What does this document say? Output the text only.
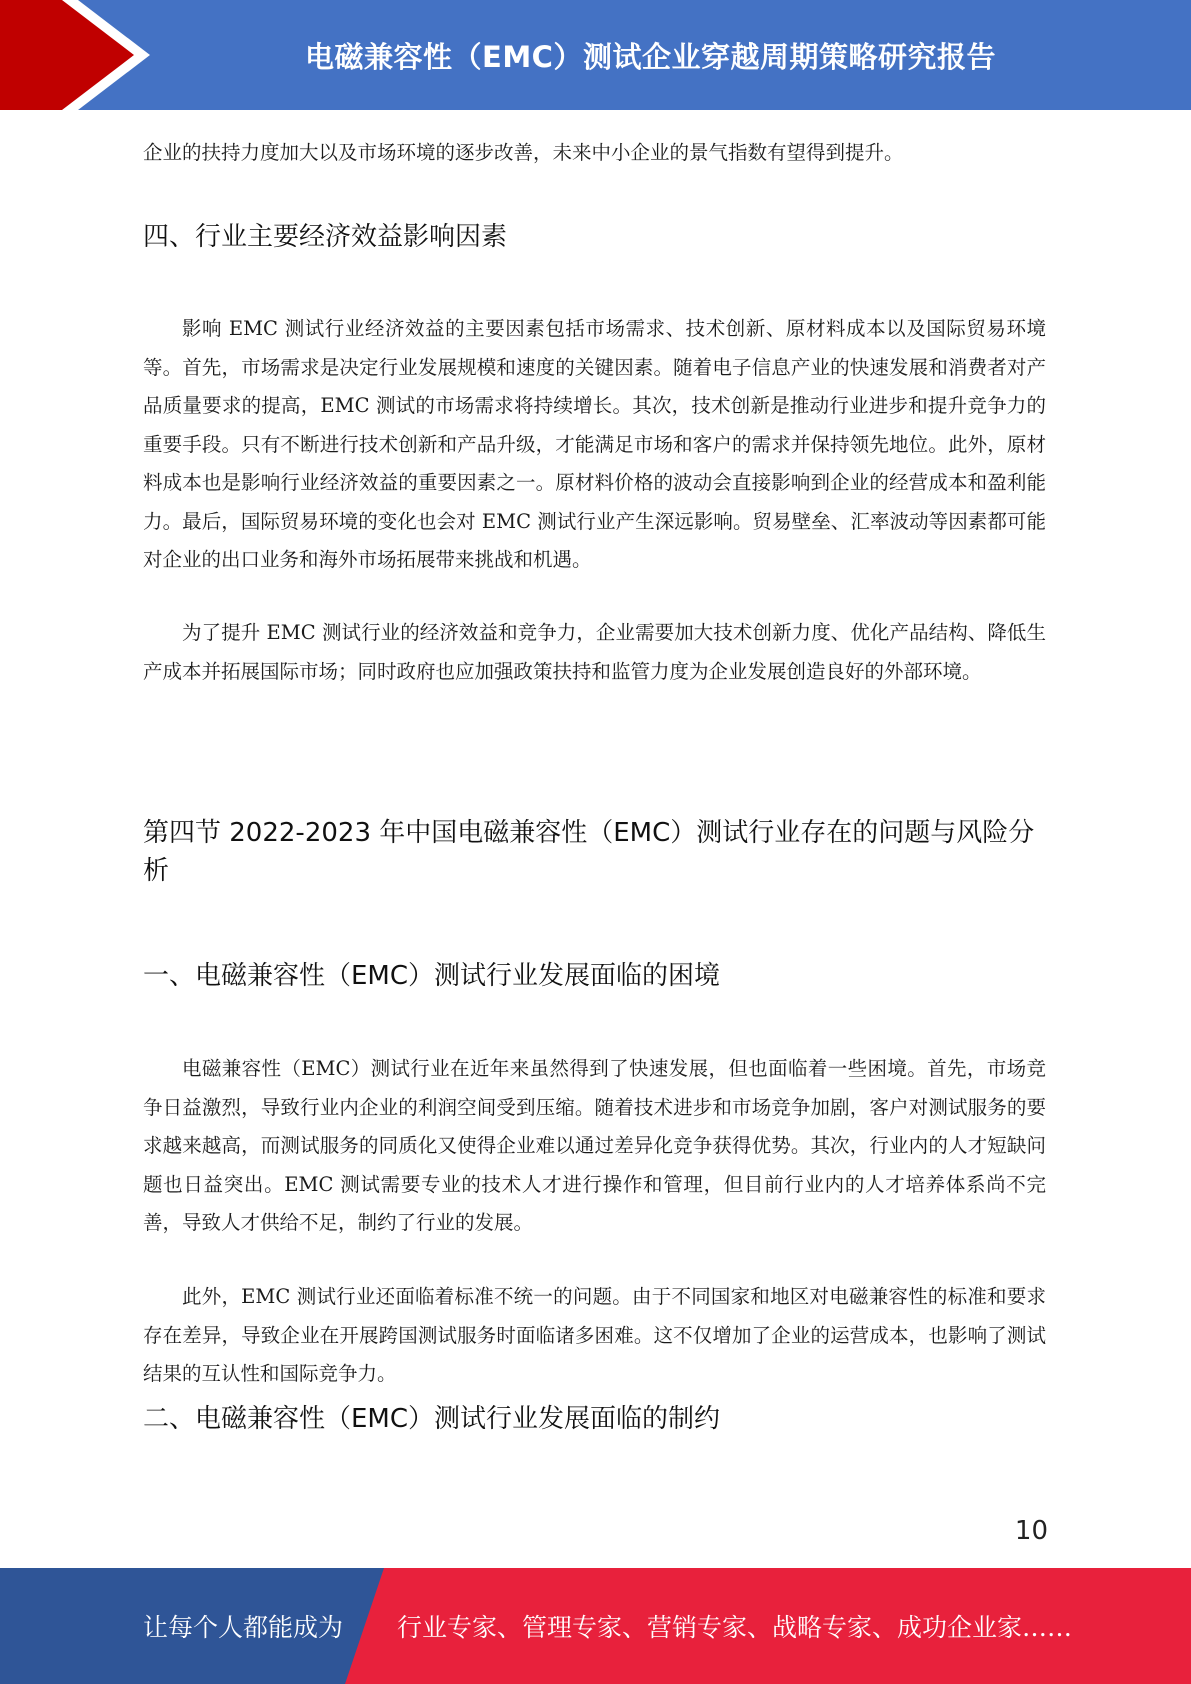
电磁兼容性（EMC）测试企业穿越周期策略研究报告

企业的扶持力度加大以及市场环境的逐步改善，未来中小企业的景气指数有望得到提升。

四、行业主要经济效益影响因素

影响 EMC 测试行业经济效益的主要因素包括市场需求、技术创新、原材料成本以及国际贸易环境等。首先，市场需求是决定行业发展规模和速度的关键因素。随着电子信息产业的快速发展和消费者对产品质量要求的提高，EMC 测试的市场需求将持续增长。其次，技术创新是推动行业进步和提升竞争力的重要手段。只有不断进行技术创新和产品升级，才能满足市场和客户的需求并保持领先地位。此外，原材料成本也是影响行业经济效益的重要因素之一。原材料价格的波动会直接影响到企业的经营成本和盈利能力。最后，国际贸易环境的变化也会对 EMC 测试行业产生深远影响。贸易壁垒、汇率波动等因素都可能对企业的出口业务和海外市场拓展带来挑战和机遇。

为了提升 EMC 测试行业的经济效益和竞争力，企业需要加大技术创新力度、优化产品结构、降低生产成本并拓展国际市场；同时政府也应加强政策扶持和监管力度为企业发展创造良好的外部环境。

第四节 2022-2023 年中国电磁兼容性（EMC）测试行业存在的问题与风险分析
一、电磁兼容性（EMC）测试行业发展面临的困境

电磁兼容性（EMC）测试行业在近年来虽然得到了快速发展，但也面临着一些困境。首先，市场竞争日益激烈，导致行业内企业的利润空间受到压缩。随着技术进步和市场竞争加剧，客户对测试服务的要求越来越高，而测试服务的同质化又使得企业难以通过差异化竞争获得优势。其次，行业内的人才短缺问题也日益突出。EMC 测试需要专业的技术人才进行操作和管理，但目前行业内的人才培养体系尚不完善，导致人才供给不足，制约了行业的发展。

此外，EMC 测试行业还面临着标准不统一的问题。由于不同国家和地区对电磁兼容性的标准和要求存在差异，导致企业在开展跨国测试服务时面临诸多困难。这不仅增加了企业的运营成本，也影响了测试结果的互认性和国际竞争力。

二、电磁兼容性（EMC）测试行业发展面临的制约
10
让每个人都能成为 行业专家、管理专家、营销专家、战略专家、成功企业家……
